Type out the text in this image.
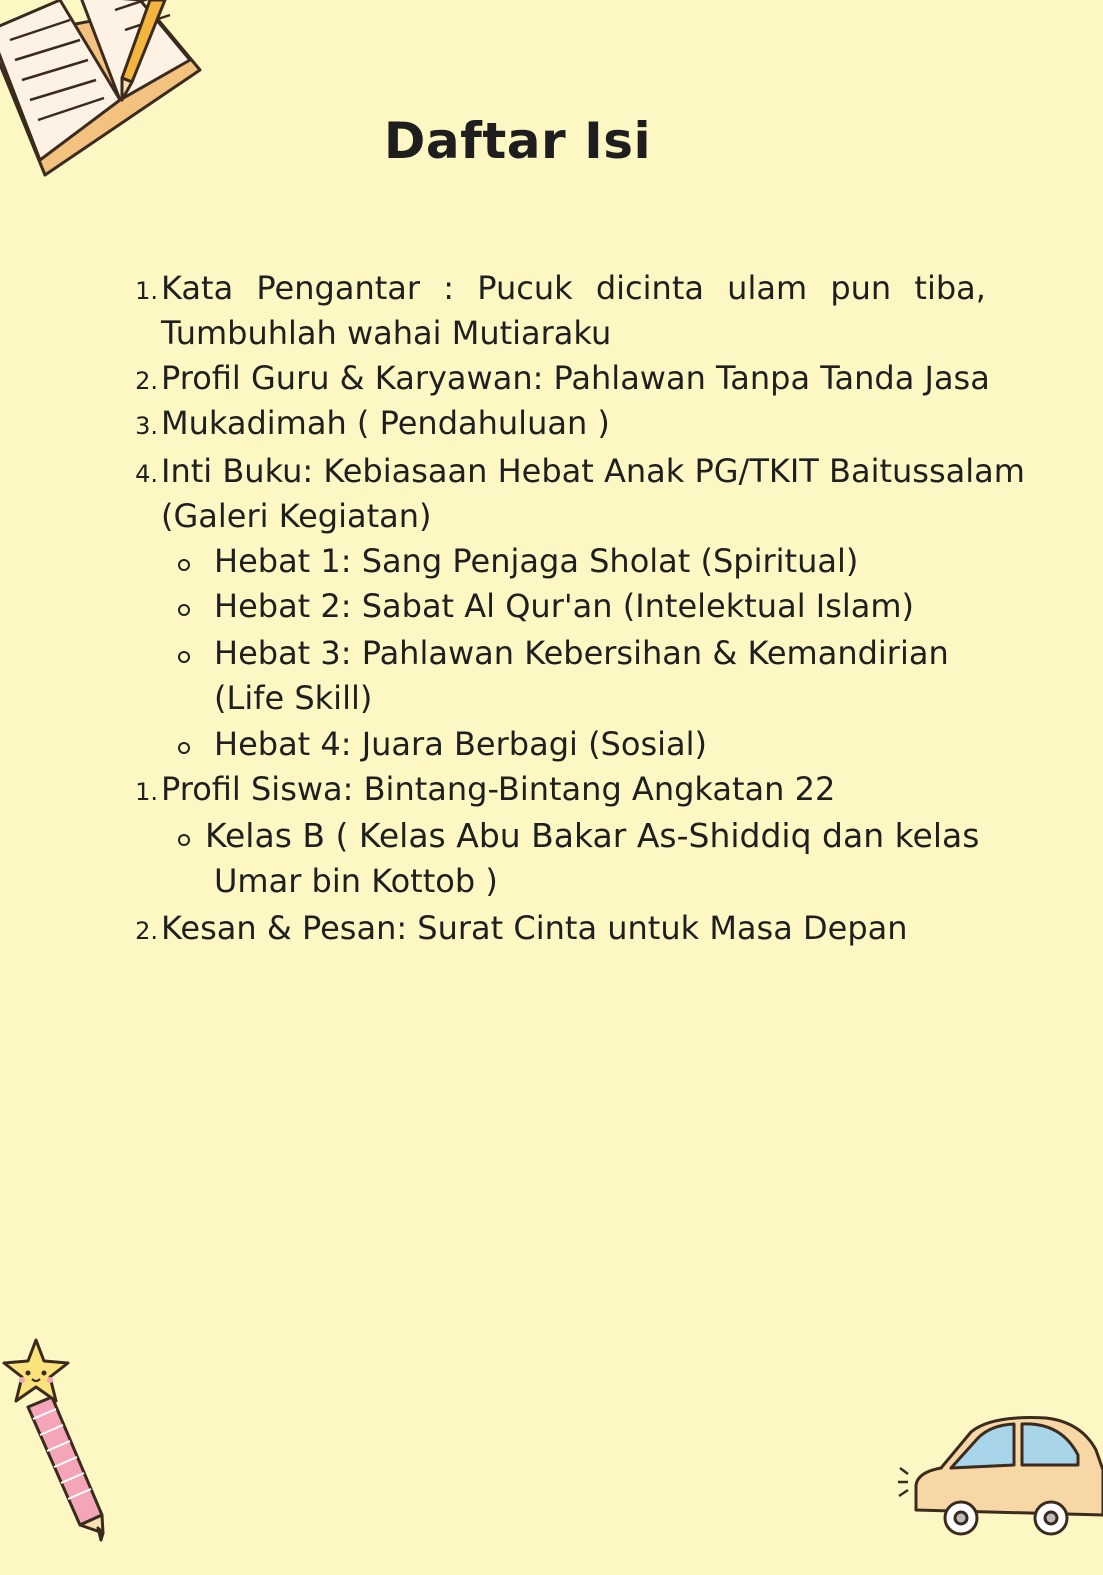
Daftar Isi
1. Kata Pengantar : Pucuk dicinta ulam pun tiba,
Tumbuhlah wahai Mutiaraku
2. Profil Guru & Karyawan: Pahlawan Tanpa Tanda Jasa
3. Mukadimah ( Pendahuluan )
4. Inti Buku: Kebiasaan Hebat Anak PG/TKIT Baitussalam
(Galeri Kegiatan)
Hebat 1: Sang Penjaga Sholat (Spiritual)
Hebat 2: Sabat Al Qur'an (Intelektual Islam)
Hebat 3: Pahlawan Kebersihan & Kemandirian
(Life Skill)
Hebat 4: Juara Berbagi (Sosial)
1. Profil Siswa: Bintang-Bintang Angkatan 22
Kelas B ( Kelas Abu Bakar As-Shiddiq dan kelas
Umar bin Kottob )
2. Kesan & Pesan: Surat Cinta untuk Masa Depan
